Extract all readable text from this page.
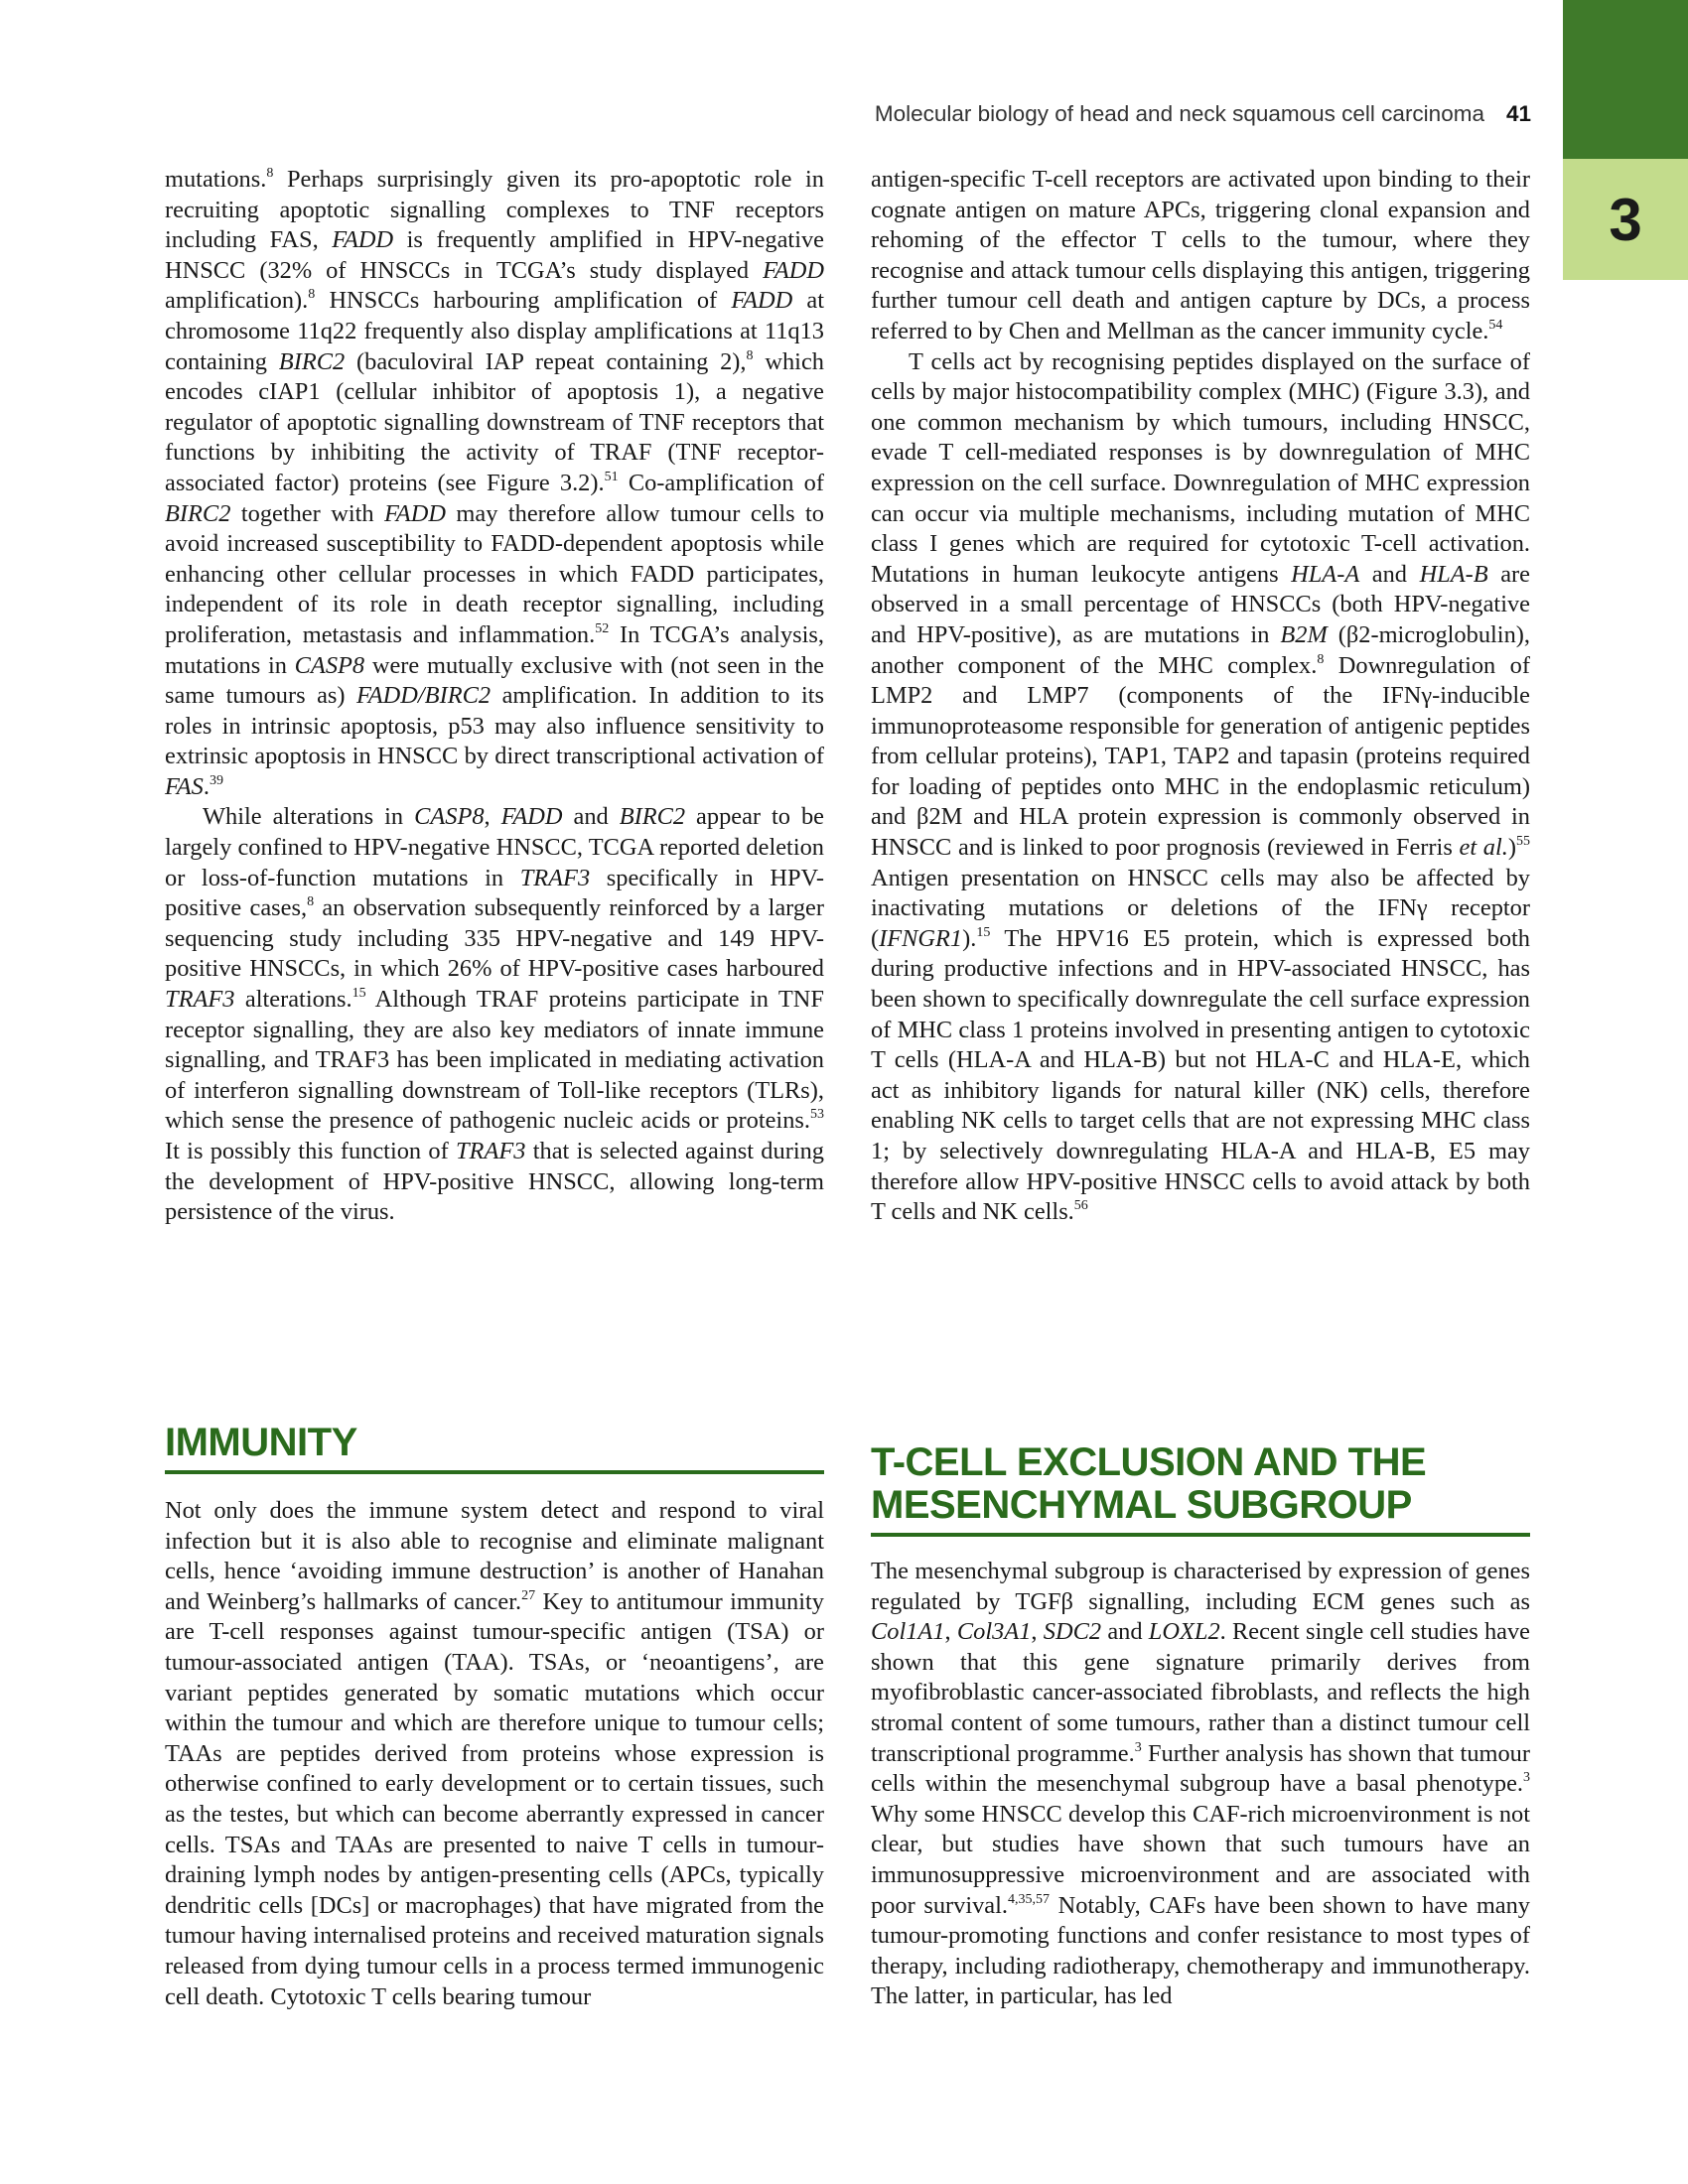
3
Molecular biology of head and neck squamous cell carcinoma 41

mutations.$^8$ Perhaps surprisingly given its pro-apoptotic role in recruiting apoptotic signalling complexes to TNF receptors including FAS, FADD is frequently amplified in HPV-negative HNSCC (32% of HNSCCs in TCGA’s study displayed FADD amplification).$^8$ HNSCCs harbouring amplification of FADD at chromosome 11q22 frequently also display amplifications at 11q13 containing BIRC2 (baculoviral IAP repeat containing 2),$^8$ which encodes cIAP1 (cellular inhibitor of apoptosis 1), a negative regulator of apoptotic signalling downstream of TNF receptors that functions by inhibiting the activity of TRAF (TNF receptor-associated factor) proteins (see Figure 3.2).$^{51}$ Co-amplification of BIRC2 together with FADD may therefore allow tumour cells to avoid increased susceptibility to FADD-dependent apoptosis while enhancing other cellular processes in which FADD participates, independent of its role in death receptor signalling, including proliferation, metastasis and inflammation.$^{52}$ In TCGA’s analysis, mutations in CASP8 were mutually exclusive with (not seen in the same tumours as) FADD/BIRC2 amplification. In addition to its roles in intrinsic apoptosis, p53 may also influence sensitivity to extrinsic apoptosis in HNSCC by direct transcriptional activation of FAS.$^{39}$

While alterations in CASP8, FADD and BIRC2 appear to be largely confined to HPV-negative HNSCC, TCGA reported deletion or loss-of-function mutations in TRAF3 specifically in HPV-positive cases,$^8$ an observation subsequently reinforced by a larger sequencing study including 335 HPV-negative and 149 HPV-positive HNSCCs, in which 26% of HPV-positive cases harboured TRAF3 alterations.$^{15}$ Although TRAF proteins participate in TNF receptor signalling, they are also key mediators of innate immune signalling, and TRAF3 has been implicated in mediating activation of interferon signalling downstream of Toll-like receptors (TLRs), which sense the presence of pathogenic nucleic acids or proteins.$^{53}$ It is possibly this function of TRAF3 that is selected against during the development of HPV-positive HNSCC, allowing long-term persistence of the virus.

IMMUNITY

Not only does the immune system detect and respond to viral infection but it is also able to recognise and eliminate malignant cells, hence ‘avoiding immune destruction’ is another of Hanahan and Weinberg’s hallmarks of cancer.$^{27}$ Key to antitumour immunity are T-cell responses against tumour-specific antigen (TSA) or tumour-associated antigen (TAA). TSAs, or ‘neoantigens’, are variant peptides generated by somatic mutations which occur within the tumour and which are therefore unique to tumour cells; TAAs are peptides derived from proteins whose expression is otherwise confined to early development or to certain tissues, such as the testes, but which can become aberrantly expressed in cancer cells. TSAs and TAAs are presented to naive T cells in tumour-draining lymph nodes by antigen-presenting cells (APCs, typically dendritic cells [DCs] or macrophages) that have migrated from the tumour having internalised proteins and received maturation signals released from dying tumour cells in a process termed immunogenic cell death. Cytotoxic T cells bearing tumour

antigen-specific T-cell receptors are activated upon binding to their cognate antigen on mature APCs, triggering clonal expansion and rehoming of the effector T cells to the tumour, where they recognise and attack tumour cells displaying this antigen, triggering further tumour cell death and antigen capture by DCs, a process referred to by Chen and Mellman as the cancer immunity cycle.$^{54}$

T cells act by recognising peptides displayed on the surface of cells by major histocompatibility complex (MHC) (Figure 3.3), and one common mechanism by which tumours, including HNSCC, evade T cell-mediated responses is by downregulation of MHC expression on the cell surface. Downregulation of MHC expression can occur via multiple mechanisms, including mutation of MHC class I genes which are required for cytotoxic T-cell activation. Mutations in human leukocyte antigens HLA-A and HLA-B are observed in a small percentage of HNSCCs (both HPV-negative and HPV-positive), as are mutations in B2M (β2-microglobulin), another component of the MHC complex.$^8$ Downregulation of LMP2 and LMP7 (components of the IFNγ-inducible immunoproteasome responsible for generation of antigenic peptides from cellular proteins), TAP1, TAP2 and tapasin (proteins required for loading of peptides onto MHC in the endoplasmic reticulum) and β2M and HLA protein expression is commonly observed in HNSCC and is linked to poor prognosis (reviewed in Ferris et al.)$^{55}$ Antigen presentation on HNSCC cells may also be affected by inactivating mutations or deletions of the IFNγ receptor (IFNGR1).$^{15}$ The HPV16 E5 protein, which is expressed both during productive infections and in HPV-associated HNSCC, has been shown to specifically downregulate the cell surface expression of MHC class 1 proteins involved in presenting antigen to cytotoxic T cells (HLA-A and HLA-B) but not HLA-C and HLA-E, which act as inhibitory ligands for natural killer (NK) cells, therefore enabling NK cells to target cells that are not expressing MHC class 1; by selectively downregulating HLA-A and HLA-B, E5 may therefore allow HPV-positive HNSCC cells to avoid attack by both T cells and NK cells.$^{56}$

T-CELL EXCLUSION AND THE MESENCHYMAL SUBGROUP

The mesenchymal subgroup is characterised by expression of genes regulated by TGFβ signalling, including ECM genes such as Col1A1, Col3A1, SDC2 and LOXL2. Recent single cell studies have shown that this gene signature primarily derives from myofibroblastic cancer-associated fibroblasts, and reflects the high stromal content of some tumours, rather than a distinct tumour cell transcriptional programme.$^3$ Further analysis has shown that tumour cells within the mesenchymal subgroup have a basal phenotype.$^3$ Why some HNSCC develop this CAF-rich microenvironment is not clear, but studies have shown that such tumours have an immunosuppressive microenvironment and are associated with poor survival.$^{4,35,57}$ Notably, CAFs have been shown to have many tumour-promoting functions and confer resistance to most types of therapy, including radiotherapy, chemotherapy and immunotherapy. The latter, in particular, has led
